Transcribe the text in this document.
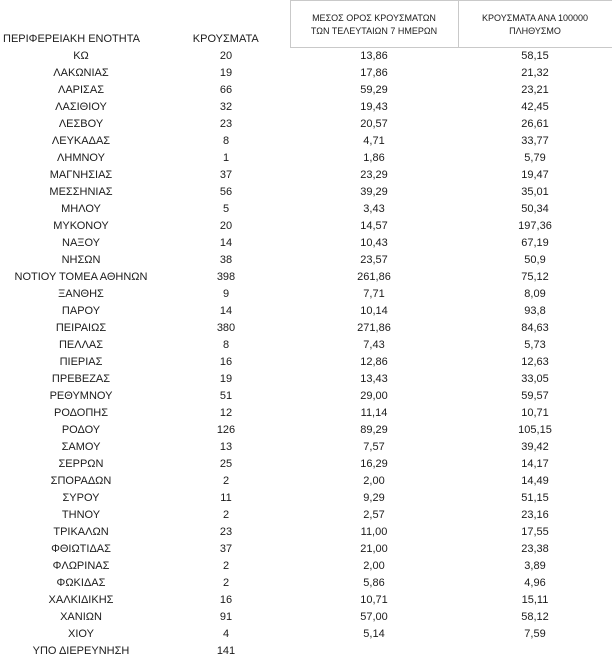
ΠΕΡΙΦΕΡΕΙΑΚΗ ΕΝΟΤΗΤΑ	ΚΡΟΥΣΜΑΤΑ	ΜΕΣΟΣ ΟΡΟΣ ΚΡΟΥΣΜΑΤΩΝ
ΤΩΝ ΤΕΛΕΥΤΑΙΩΝ 7 ΗΜΕΡΩΝ	ΚΡΟΥΣΜΑΤΑ ΑΝΑ 100000
ΠΛΗΘΥΣΜΟ

ΚΩ	20	13,86	58,15
ΛΑΚΩΝΙΑΣ	19	17,86	21,32
ΛΑΡΙΣΑΣ	66	59,29	23,21
ΛΑΣΙΘΙΟΥ	32	19,43	42,45
ΛΕΣΒΟΥ	23	20,57	26,61
ΛΕΥΚΑΔΑΣ	8	4,71	33,77
ΛΗΜΝΟΥ	1	1,86	5,79
ΜΑΓΝΗΣΙΑΣ	37	23,29	19,47
ΜΕΣΣΗΝΙΑΣ	56	39,29	35,01
ΜΗΛΟΥ	5	3,43	50,34
ΜΥΚΟΝΟΥ	20	14,57	197,36
ΝΑΞΟΥ	14	10,43	67,19
ΝΗΣΩΝ	38	23,57	50,9
ΝΟΤΙΟΥ ΤΟΜΕΑ ΑΘΗΝΩΝ	398	261,86	75,12
ΞΑΝΘΗΣ	9	7,71	8,09
ΠΑΡΟΥ	14	10,14	93,8
ΠΕΙΡΑΙΩΣ	380	271,86	84,63
ΠΕΛΛΑΣ	8	7,43	5,73
ΠΙΕΡΙΑΣ	16	12,86	12,63
ΠΡΕΒΕΖΑΣ	19	13,43	33,05
ΡΕΘΥΜΝΟΥ	51	29,00	59,57
ΡΟΔΟΠΗΣ	12	11,14	10,71
ΡΟΔΟΥ	126	89,29	105,15
ΣΑΜΟΥ	13	7,57	39,42
ΣΕΡΡΩΝ	25	16,29	14,17
ΣΠΟΡΑΔΩΝ	2	2,00	14,49
ΣΥΡΟΥ	11	9,29	51,15
ΤΗΝΟΥ	2	2,57	23,16
ΤΡΙΚΑΛΩΝ	23	11,00	17,55
ΦΘΙΩΤΙΔΑΣ	37	21,00	23,38
ΦΛΩΡΙΝΑΣ	2	2,00	3,89
ΦΩΚΙΔΑΣ	2	5,86	4,96
ΧΑΛΚΙΔΙΚΗΣ	16	10,71	15,11
ΧΑΝΙΩΝ	91	57,00	58,12
ΧΙΟΥ	4	5,14	7,59
ΥΠΟ ΔΙΕΡΕΥΝΗΣΗ	141		
